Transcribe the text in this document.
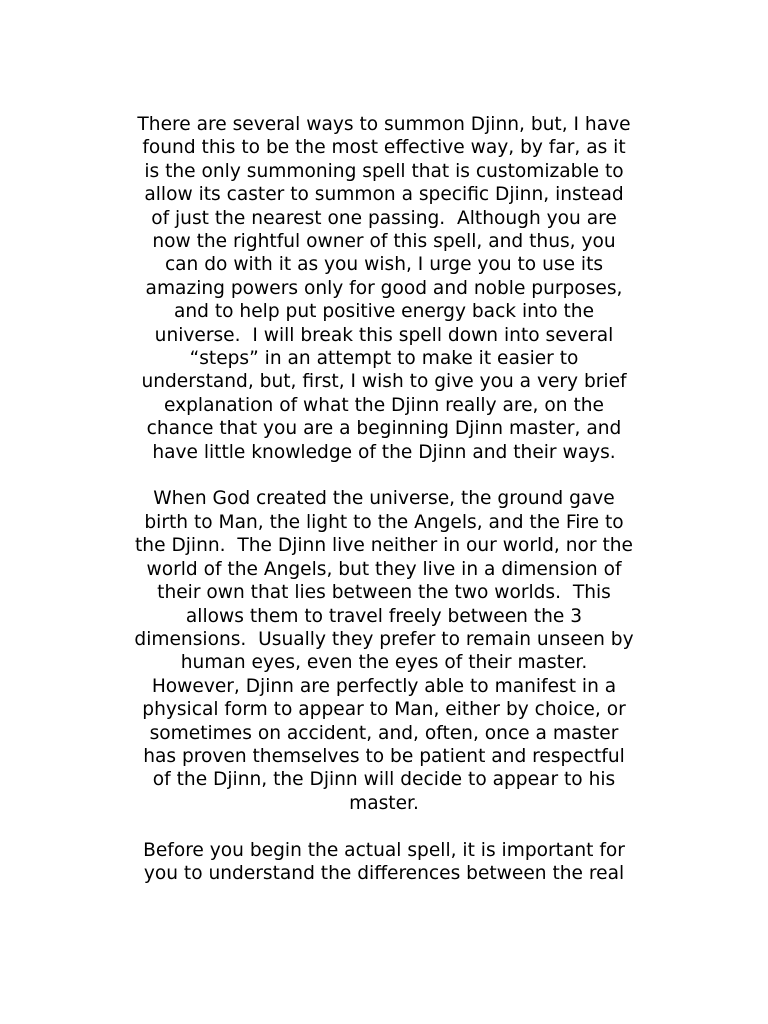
There are several ways to summon Djinn, but, I have
found this to be the most effective way, by far, as it
is the only summoning spell that is customizable to
allow its caster to summon a specific Djinn, instead
of just the nearest one passing.  Although you are
now the rightful owner of this spell, and thus, you
can do with it as you wish, I urge you to use its
amazing powers only for good and noble purposes,
and to help put positive energy back into the
universe.  I will break this spell down into several
“steps” in an attempt to make it easier to
understand, but, first, I wish to give you a very brief
explanation of what the Djinn really are, on the
chance that you are a beginning Djinn master, and
have little knowledge of the Djinn and their ways.

When God created the universe, the ground gave
birth to Man, the light to the Angels, and the Fire to
the Djinn.  The Djinn live neither in our world, nor the
world of the Angels, but they live in a dimension of
their own that lies between the two worlds.  This
allows them to travel freely between the 3
dimensions.  Usually they prefer to remain unseen by
human eyes, even the eyes of their master.
However, Djinn are perfectly able to manifest in a
physical form to appear to Man, either by choice, or
sometimes on accident, and, often, once a master
has proven themselves to be patient and respectful
of the Djinn, the Djinn will decide to appear to his
master.

Before you begin the actual spell, it is important for
you to understand the differences between the real
